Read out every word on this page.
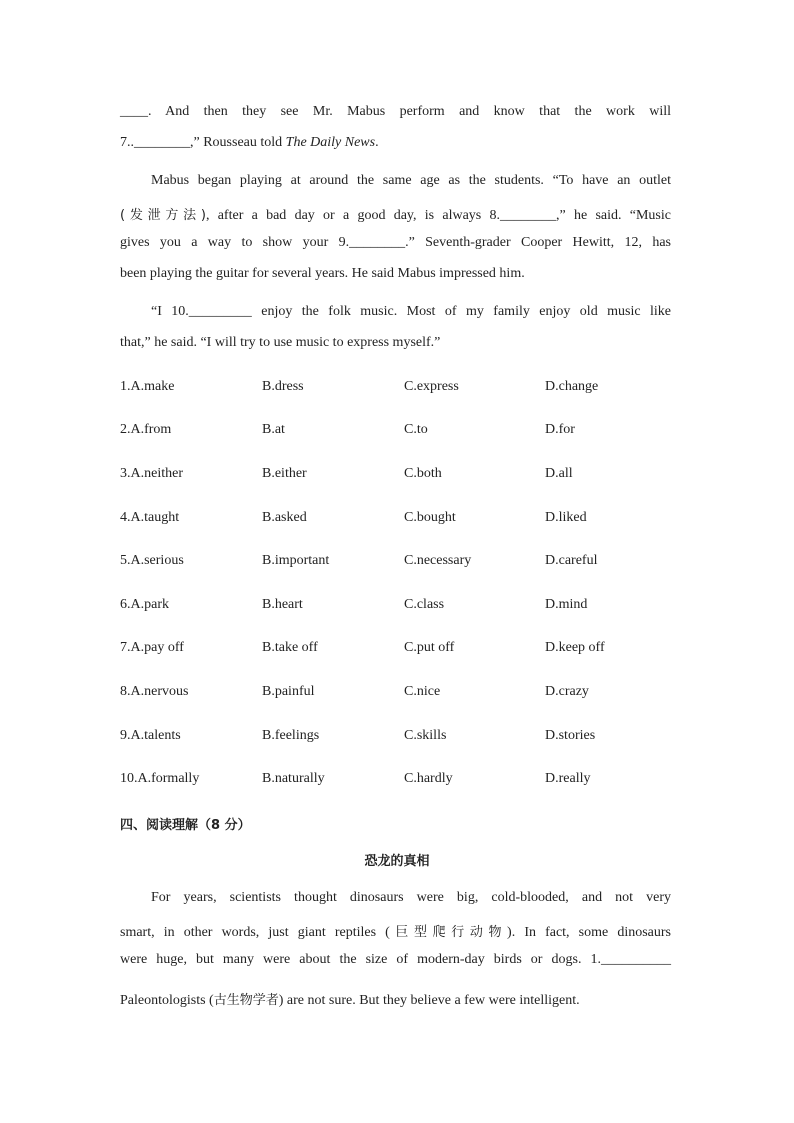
____. And then they see Mr. Mabus perform and know that the work will
7..________,” Rousseau told The Daily News.
Mabus began playing at around the same age as the students. “To have an outlet
(发泄方法), after a bad day or a good day, is always 8.________,” he said. “Music
gives you a way to show your 9.________.” Seventh-grader Cooper Hewitt, 12, has
been playing the guitar for several years. He said Mabus impressed him.
“I 10._________ enjoy the folk music. Most of my family enjoy old music like
that,” he said. “I will try to use music to express myself.”
1.A.make	B.dress	C.express	D.change
2.A.from	B.at	C.to	D.for
3.A.neither	B.either	C.both	D.all
4.A.taught	B.asked	C.bought	D.liked
5.A.serious	B.important	C.necessary	D.careful
6.A.park	B.heart	C.class	D.mind
7.A.pay off	B.take off	C.put off	D.keep off
8.A.nervous	B.painful	C.nice	D.crazy
9.A.talents	B.feelings	C.skills	D.stories
10.A.formally	B.naturally	C.hardly	D.really
四、阅读理解（8 分）
恐龙的真相
For years, scientists thought dinosaurs were big, cold-blooded, and not very
smart, in other words, just giant reptiles (巨型爬行动物). In fact, some dinosaurs
were huge, but many were about the size of modern-day birds or dogs. 1.__________
Paleontologists (古生物学者) are not sure. But they believe a few were intelligent.
